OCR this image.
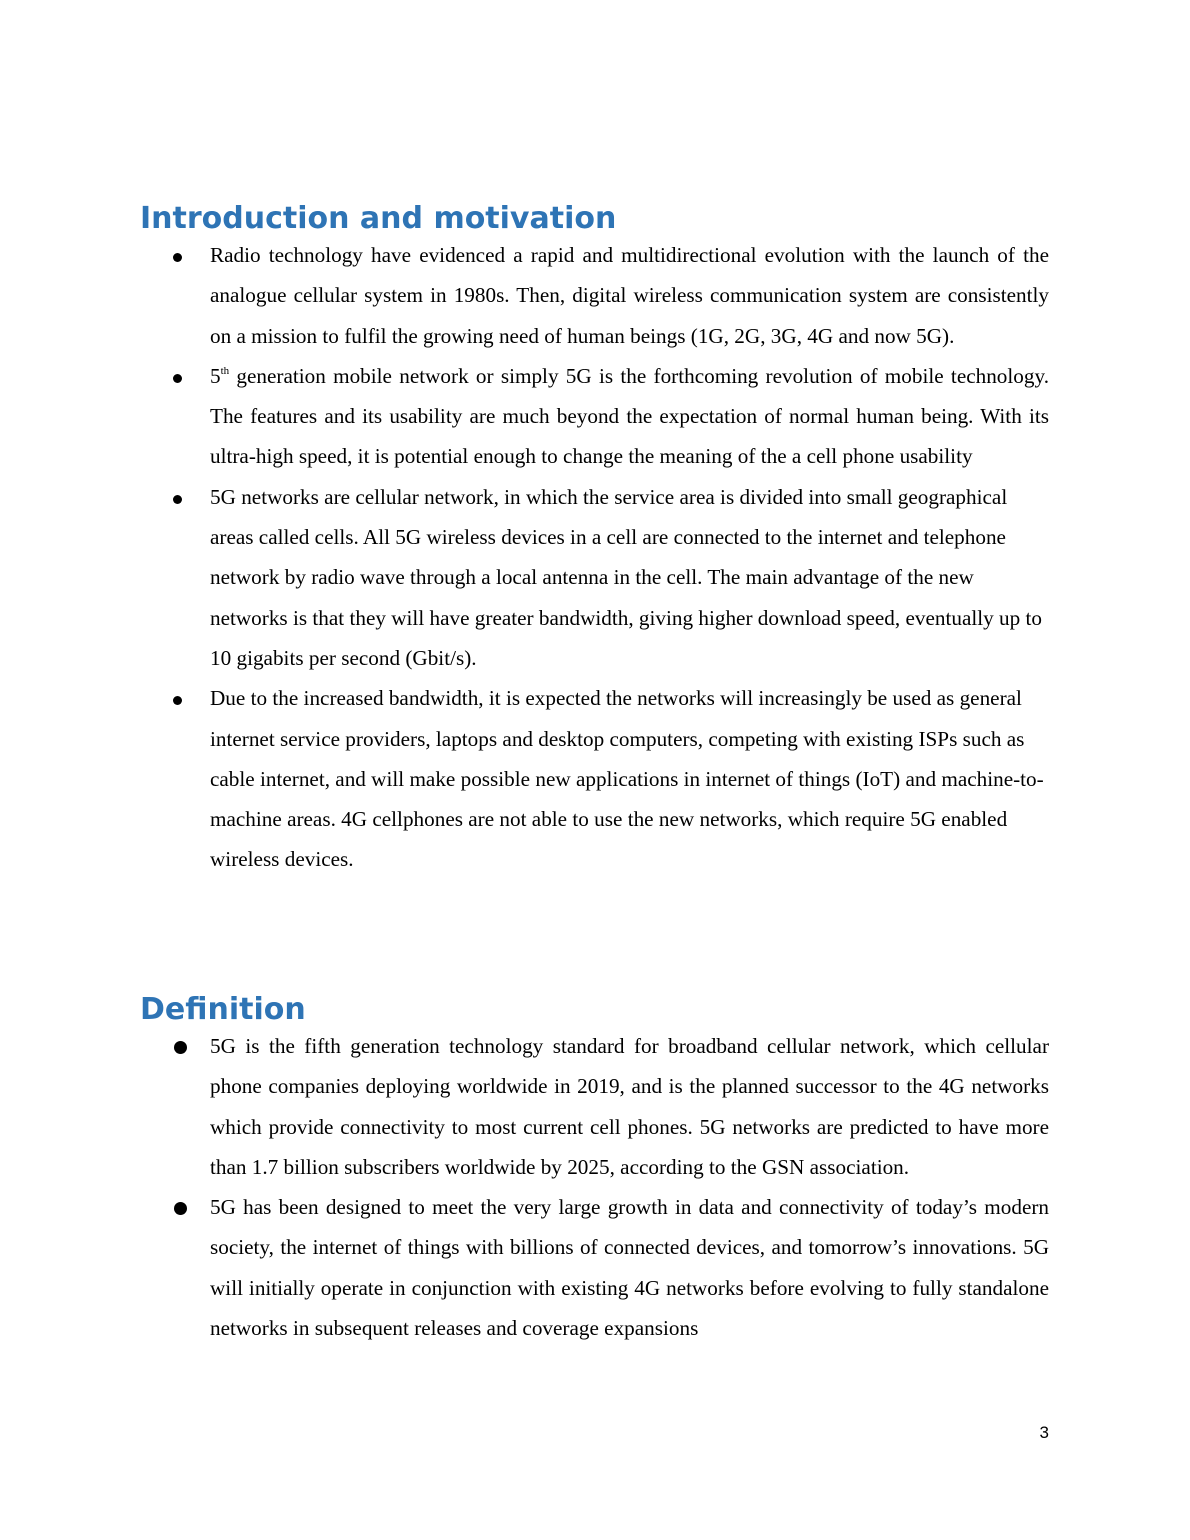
Introduction and motivation
Radio technology have evidenced a rapid and multidirectional evolution with the launch of the analogue cellular system in 1980s. Then, digital wireless communication system are consistently on a mission to fulfil the growing need of human beings (1G, 2G, 3G, 4G and now 5G).
5th generation mobile network or simply 5G is the forthcoming revolution of mobile technology. The features and its usability are much beyond the expectation of normal human being. With its ultra-high speed, it is potential enough to change the meaning of the a cell phone usability
5G networks are cellular network, in which the service area is divided into small geographical areas called cells. All 5G wireless devices in a cell are connected to the internet and telephone network by radio wave through a local antenna in the cell. The main advantage of the new networks is that they will have greater bandwidth, giving higher download speed, eventually up to 10 gigabits per second (Gbit/s).
Due to the increased bandwidth, it is expected the networks will increasingly be used as general internet service providers, laptops and desktop computers, competing with existing ISPs such as cable internet, and will make possible new applications in internet of things (IoT) and machine-to-machine areas. 4G cellphones are not able to use the new networks, which require 5G enabled wireless devices.
Definition
5G is the fifth generation technology standard for broadband cellular network, which cellular phone companies deploying worldwide in 2019, and is the planned successor to the 4G networks which provide connectivity to most current cell phones. 5G networks are predicted to have more than 1.7 billion subscribers worldwide by 2025, according to the GSN association.
5G has been designed to meet the very large growth in data and connectivity of today’s modern society, the internet of things with billions of connected devices, and tomorrow’s innovations. 5G will initially operate in conjunction with existing 4G networks before evolving to fully standalone networks in subsequent releases and coverage expansions
3
